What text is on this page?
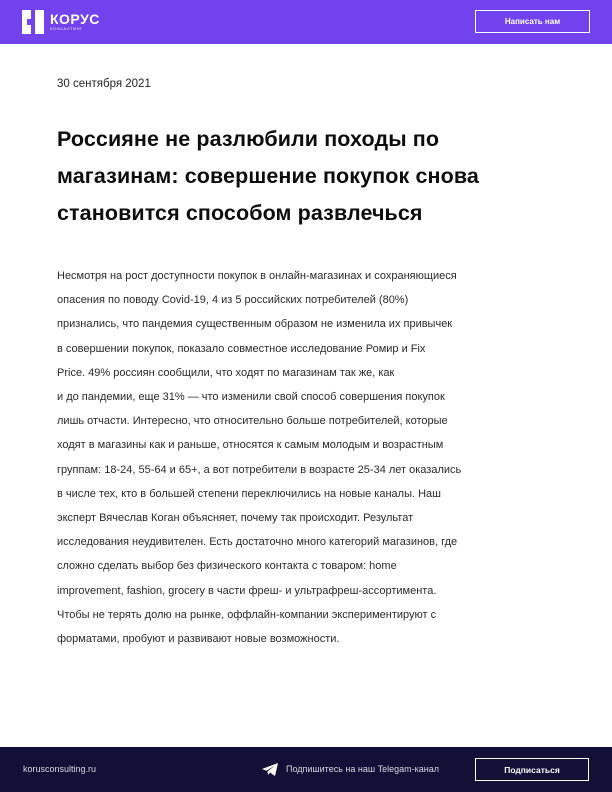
КОРУС
КОНСАЛТИНГ
Написать нам
30 сентября 2021
Россияне не разлюбили походы по
магазинам: совершение покупок снова
становится способом развлечься
Несмотря на рост доступности покупок в онлайн-магазинах и сохраняющиеся
опасения по поводу Covid-19, 4 из 5 российских потребителей (80%)
признались, что пандемия существенным образом не изменила их привычек
в совершении покупок, показало совместное исследование Ромир и Fix
Price. 49% россиян сообщили, что ходят по магазинам так же, как
и до пандемии, еще 31% — что изменили свой способ совершения покупок
лишь отчасти. Интересно, что относительно больше потребителей, которые
ходят в магазины как и раньше, относятся к самым молодым и возрастным
группам: 18-24, 55-64 и 65+, а вот потребители в возрасте 25-34 лет оказались
в числе тех, кто в большей степени переключились на новые каналы. Наш
эксперт Вячеслав Коган объясняет, почему так происходит. Результат
исследования неудивителен. Есть достаточно много категорий магазинов, где
сложно сделать выбор без физического контакта с товаром: home
improvement, fashion, grocery в части фреш- и ультрафреш-ассортимента.
Чтобы не терять долю на рынке, оффлайн-компании экспериментируют с
форматами, пробуют и развивают новые возможности.
korusconsulting.ru	Подпишитесь на наш Telegam-канал	Подписаться
